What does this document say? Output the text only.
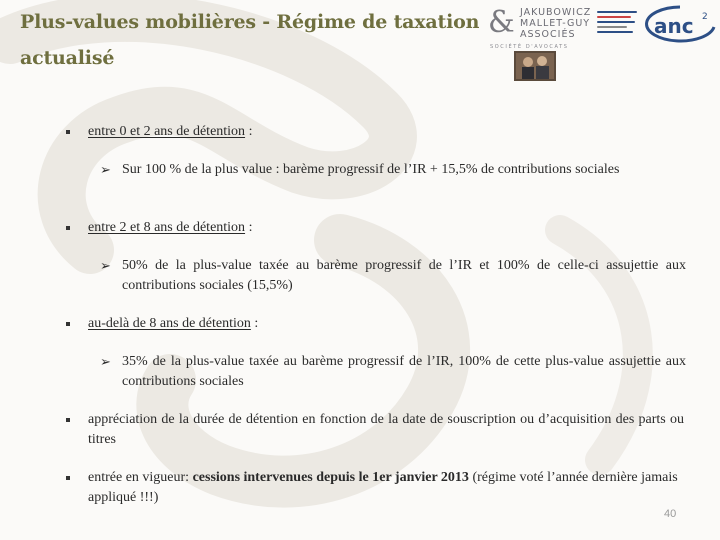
Plus-values mobilières - Régime de taxation actualisé
& JAKUBOWICZ
MALLET-GUY
ASSOCIÉS
SOCIÉTÉ D'AVOCATS
anc 2
entre 0 et 2 ans de détention :
➢ Sur 100 % de la plus value : barème progressif de l’IR + 15,5% de contributions sociales
entre 2 et 8 ans de détention :
➢ 50% de la plus-value taxée au barème progressif de l’IR et 100% de celle-ci assujettie aux contributions sociales (15,5%)
au-delà de 8 ans de détention :
➢ 35% de la plus-value taxée au barème progressif de l’IR, 100% de cette plus-value assujettie aux contributions sociales
appréciation de la durée de détention en fonction de la date de souscription ou d’acquisition des parts ou titres
entrée en vigueur: cessions intervenues depuis le 1er janvier 2013 (régime voté l’année dernière jamais appliqué !!!)
40
